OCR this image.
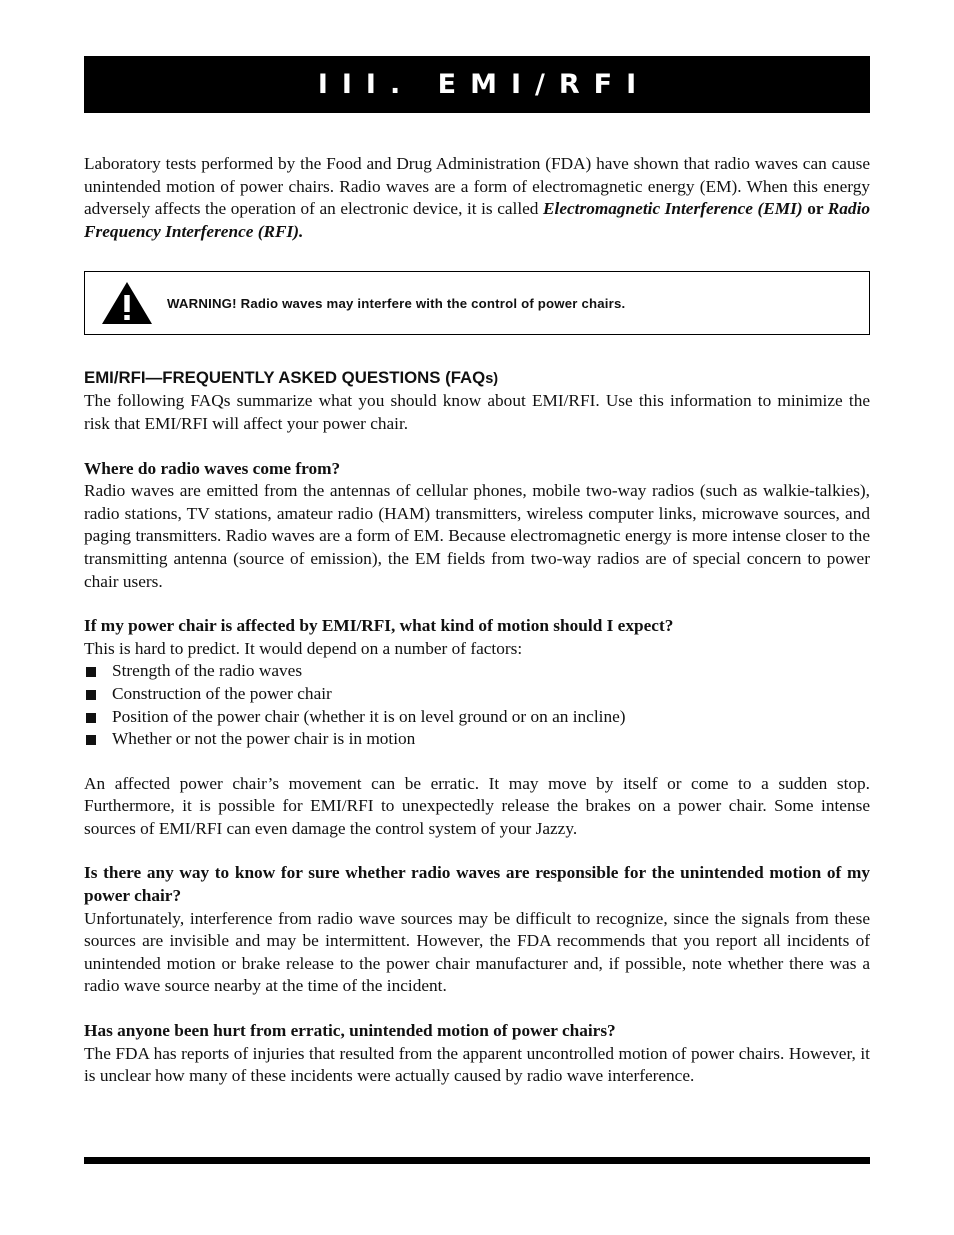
III. EMI/RFI

Laboratory tests performed by the Food and Drug Administration (FDA) have shown that radio waves can cause unintended motion of power chairs. Radio waves are a form of electromagnetic energy (EM). When this energy adversely affects the operation of an electronic device, it is called Electromagnetic Interference (EMI) or Radio Frequency Interference (RFI).

WARNING! Radio waves may interfere with the control of power chairs.
EMI/RFI—FREQUENTLY ASKED QUESTIONS (FAQs)
The following FAQs summarize what you should know about EMI/RFI. Use this information to minimize the risk that EMI/RFI will affect your power chair.
Where do radio waves come from?
Radio waves are emitted from the antennas of cellular phones, mobile two-way radios (such as walkie-talkies), radio stations, TV stations, amateur radio (HAM) transmitters, wireless computer links, microwave sources, and paging transmitters. Radio waves are a form of EM. Because electromagnetic energy is more intense closer to the transmitting antenna (source of emission), the EM fields from two-way radios are of special concern to power chair users.
If my power chair is affected by EMI/RFI, what kind of motion should I expect?
This is hard to predict. It would depend on a number of factors:
Strength of the radio waves
Construction of the power chair
Position of the power chair (whether it is on level ground or on an incline)
Whether or not the power chair is in motion
An affected power chair’s movement can be erratic. It may move by itself or come to a sudden stop. Furthermore, it is possible for EMI/RFI to unexpectedly release the brakes on a power chair. Some intense sources of EMI/RFI can even damage the control system of your Jazzy.
Is there any way to know for sure whether radio waves are responsible for the unintended motion of my power chair?
Unfortunately, interference from radio wave sources may be difficult to recognize, since the signals from these sources are invisible and may be intermittent. However, the FDA recommends that you report all incidents of unintended motion or brake release to the power chair manufacturer and, if possible, note whether there was a radio wave source nearby at the time of the incident.
Has anyone been hurt from erratic, unintended motion of power chairs?
The FDA has reports of injuries that resulted from the apparent uncontrolled motion of power chairs. However, it is unclear how many of these incidents were actually caused by radio wave interference.
